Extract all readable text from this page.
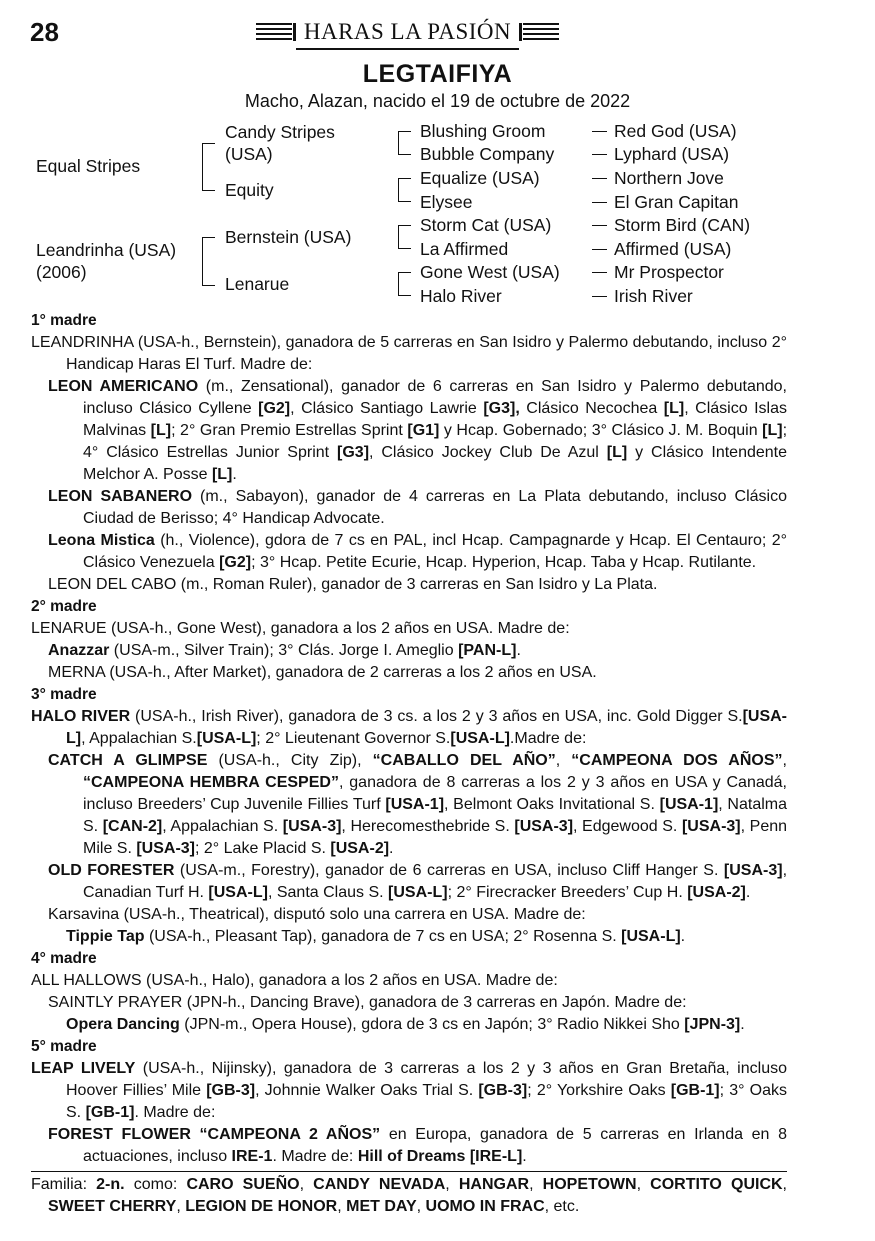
28	HARAS LA PASIÓN
LEGTAIFIYA
Macho, Alazan, nacido el 19 de octubre de 2022
Equal Stripes
Leandrinha (USA)
(2006)
Candy Stripes
(USA)
Equity
Bernstein (USA)
Lenarue
Blushing Groom
Bubble Company
Equalize (USA)
Elysee
Storm Cat (USA)
La Affirmed
Gone West (USA)
Halo River
Red God (USA)
Lyphard (USA)
Northern Jove
El Gran Capitan
Storm Bird (CAN)
Affirmed (USA)
Mr Prospector
Irish River
1° madre
LEANDRINHA (USA-h., Bernstein), ganadora de 5 carreras en San Isidro y Palermo debutando, incluso 2° Handicap Haras El Turf. Madre de:
LEON AMERICANO (m., Zensational), ganador de 6 carreras en San Isidro y Palermo debutando, incluso Clásico Cyllene [G2], Clásico Santiago Lawrie [G3], Clásico Necochea [L], Clásico Islas Malvinas [L]; 2° Gran Premio Estrellas Sprint [G1] y Hcap. Gobernado; 3° Clásico J. M. Boquin [L]; 4° Clásico Estrellas Junior Sprint [G3], Clásico Jockey Club De Azul [L] y Clásico Intendente Melchor A. Posse [L].
LEON SABANERO (m., Sabayon), ganador de 4 carreras en La Plata debutando, incluso Clásico Ciudad de Berisso; 4° Handicap Advocate.
Leona Mistica (h., Violence), gdora de 7 cs en PAL, incl Hcap. Campagnarde y Hcap. El Centauro; 2° Clásico Venezuela [G2]; 3° Hcap. Petite Ecurie, Hcap. Hyperion, Hcap. Taba y Hcap. Rutilante.
LEON DEL CABO (m., Roman Ruler), ganador de 3 carreras en San Isidro y La Plata.
2° madre
LENARUE (USA-h., Gone West), ganadora a los 2 años en USA. Madre de:
Anazzar (USA-m., Silver Train); 3° Clás. Jorge I. Ameglio [PAN-L].
MERNA (USA-h., After Market), ganadora de 2 carreras a los 2 años en USA.
3° madre
HALO RIVER (USA-h., Irish River), ganadora de 3 cs. a los 2 y 3 años en USA, inc. Gold Digger S.[USA-L], Appalachian S.[USA-L]; 2° Lieutenant Governor S.[USA-L].Madre de:
CATCH A GLIMPSE (USA-h., City Zip), “CABALLO DEL AÑO”, “CAMPEONA DOS AÑOS”, “CAMPEONA HEMBRA CESPED”, ganadora de 8 carreras a los 2 y 3 años en USA y Canadá, incluso Breeders’ Cup Juvenile Fillies Turf [USA-1], Belmont Oaks Invitational S. [USA-1], Natalma S. [CAN-2], Appalachian S. [USA-3], Herecomesthebride S. [USA-3], Edgewood S. [USA-3], Penn Mile S. [USA-3]; 2° Lake Placid S. [USA-2].
OLD FORESTER (USA-m., Forestry), ganador de 6 carreras en USA, incluso Cliff Hanger S. [USA-3], Canadian Turf H. [USA-L], Santa Claus S. [USA-L]; 2° Firecracker Breeders’ Cup H. [USA-2].
Karsavina (USA-h., Theatrical), disputó solo una carrera en USA. Madre de:
Tippie Tap (USA-h., Pleasant Tap), ganadora de 7 cs en USA; 2° Rosenna S. [USA-L].
4° madre
ALL HALLOWS (USA-h., Halo), ganadora a los 2 años en USA. Madre de:
SAINTLY PRAYER (JPN-h., Dancing Brave), ganadora de 3 carreras en Japón. Madre de:
Opera Dancing (JPN-m., Opera House), gdora de 3 cs en Japón; 3° Radio Nikkei Sho [JPN-3].
5° madre
LEAP LIVELY (USA-h., Nijinsky), ganadora de 3 carreras a los 2 y 3 años en Gran Bretaña, incluso Hoover Fillies’ Mile [GB-3], Johnnie Walker Oaks Trial S. [GB-3]; 2° Yorkshire Oaks [GB-1]; 3° Oaks S. [GB-1]. Madre de:
FOREST FLOWER “CAMPEONA 2 AÑOS” en Europa, ganadora de 5 carreras en Irlanda en 8 actuaciones, incluso IRE-1. Madre de: Hill of Dreams [IRE-L].
Familia: 2-n. como: CARO SUEÑO, CANDY NEVADA, HANGAR, HOPETOWN, CORTITO QUICK, SWEET CHERRY, LEGION DE HONOR, MET DAY, UOMO IN FRAC, etc.
